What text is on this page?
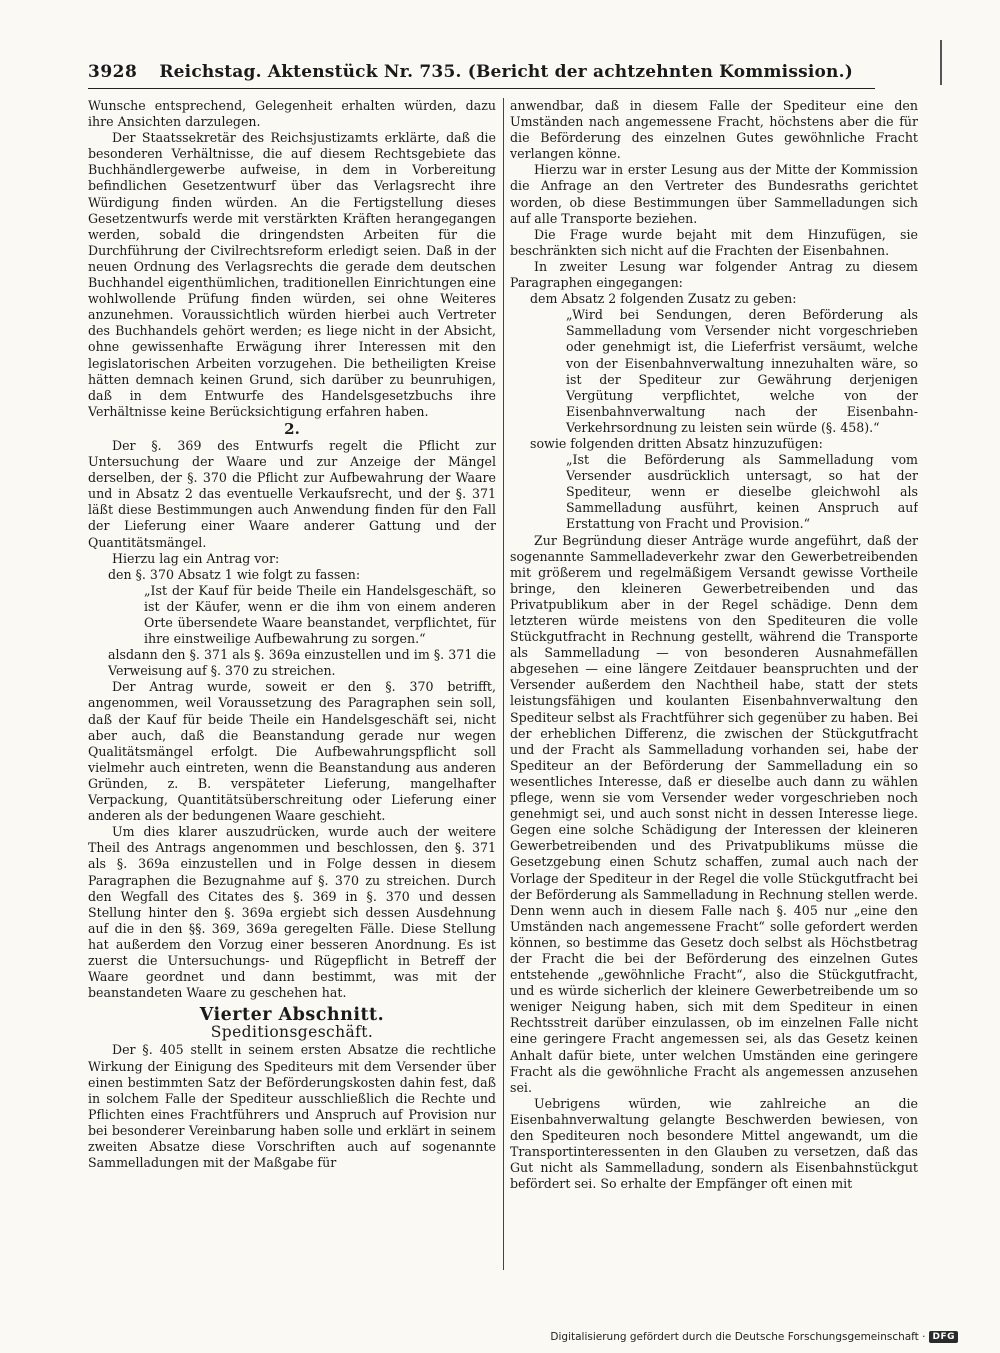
3928	Reichstag. Aktenstück Nr. 735. (Bericht der achtzehnten Kommission.)

Wunsche entsprechend, Gelegenheit erhalten würden, dazu ihre Ansichten darzulegen.

Der Staatssekretär des Reichsjustizamts erklärte, daß die besonderen Verhältnisse, die auf diesem Rechtsgebiete das Buchhändlergewerbe aufweise, in dem in Vorbereitung befindlichen Gesetzentwurf über das Verlagsrecht ihre Würdigung finden würden. An die Fertigstellung dieses Gesetzentwurfs werde mit verstärkten Kräften herangegangen werden, sobald die dringendsten Arbeiten für die Durchführung der Civilrechtsreform erledigt seien. Daß in der neuen Ordnung des Verlagsrechts die gerade dem deutschen Buchhandel eigenthümlichen, traditionellen Einrichtungen eine wohlwollende Prüfung finden würden, sei ohne Weiteres anzunehmen. Voraussichtlich würden hierbei auch Vertreter des Buchhandels gehört werden; es liege nicht in der Absicht, ohne gewissenhafte Erwägung ihrer Interessen mit den legislatorischen Arbeiten vorzugehen. Die betheiligten Kreise hätten demnach keinen Grund, sich darüber zu beunruhigen, daß in dem Entwurfe des Handelsgesetzbuchs ihre Verhältnisse keine Berücksichtigung erfahren haben.

2.

Der §. 369 des Entwurfs regelt die Pflicht zur Untersuchung der Waare und zur Anzeige der Mängel derselben, der §. 370 die Pflicht zur Aufbewahrung der Waare und in Absatz 2 das eventuelle Verkaufsrecht, und der §. 371 läßt diese Bestimmungen auch Anwendung finden für den Fall der Lieferung einer Waare anderer Gattung und der Quantitätsmängel.

Hierzu lag ein Antrag vor:

den §. 370 Absatz 1 wie folgt zu fassen:

„Ist der Kauf für beide Theile ein Handelsgeschäft, so ist der Käufer, wenn er die ihm von einem anderen Orte übersendete Waare beanstandet, verpflichtet, für ihre einstweilige Aufbewahrung zu sorgen.“

alsdann den §. 371 als §. 369a einzustellen und im §. 371 die Verweisung auf §. 370 zu streichen.

Der Antrag wurde, soweit er den §. 370 betrifft, angenommen, weil Voraussetzung des Paragraphen sein soll, daß der Kauf für beide Theile ein Handelsgeschäft sei, nicht aber auch, daß die Beanstandung gerade nur wegen Qualitätsmängel erfolgt. Die Aufbewahrungspflicht soll vielmehr auch eintreten, wenn die Beanstandung aus anderen Gründen, z. B. verspäteter Lieferung, mangelhafter Verpackung, Quantitätsüberschreitung oder Lieferung einer anderen als der bedungenen Waare geschieht.

Um dies klarer auszudrücken, wurde auch der weitere Theil des Antrags angenommen und beschlossen, den §. 371 als §. 369a einzustellen und in Folge dessen in diesem Paragraphen die Bezugnahme auf §. 370 zu streichen. Durch den Wegfall des Citates des §. 369 in §. 370 und dessen Stellung hinter den §. 369a ergiebt sich dessen Ausdehnung auf die in den §§. 369, 369a geregelten Fälle. Diese Stellung hat außerdem den Vorzug einer besseren Anordnung. Es ist zuerst die Untersuchungs- und Rügepflicht in Betreff der Waare geordnet und dann bestimmt, was mit der beanstandeten Waare zu geschehen hat.

Vierter Abschnitt.

Speditionsgeschäft.

Der §. 405 stellt in seinem ersten Absatze die rechtliche Wirkung der Einigung des Spediteurs mit dem Versender über einen bestimmten Satz der Beförderungskosten dahin fest, daß in solchem Falle der Spediteur ausschließlich die Rechte und Pflichten eines Frachtführers und Anspruch auf Provision nur bei besonderer Vereinbarung haben solle und erklärt in seinem zweiten Absatze diese Vorschriften auch auf sogenannte Sammelladungen mit der Maßgabe für

anwendbar, daß in diesem Falle der Spediteur eine den Umständen nach angemessene Fracht, höchstens aber die für die Beförderung des einzelnen Gutes gewöhnliche Fracht verlangen könne.

Hierzu war in erster Lesung aus der Mitte der Kommission die Anfrage an den Vertreter des Bundesraths gerichtet worden, ob diese Bestimmungen über Sammelladungen sich auf alle Transporte beziehen.

Die Frage wurde bejaht mit dem Hinzufügen, sie beschränkten sich nicht auf die Frachten der Eisenbahnen.

In zweiter Lesung war folgender Antrag zu diesem Paragraphen eingegangen:

dem Absatz 2 folgenden Zusatz zu geben:

„Wird bei Sendungen, deren Beförderung als Sammelladung vom Versender nicht vorgeschrieben oder genehmigt ist, die Lieferfrist versäumt, welche von der Eisenbahnverwaltung innezuhalten wäre, so ist der Spediteur zur Gewährung derjenigen Vergütung verpflichtet, welche von der Eisenbahnverwaltung nach der Eisenbahn-Verkehrsordnung zu leisten sein würde (§. 458).“

sowie folgenden dritten Absatz hinzuzufügen:

„Ist die Beförderung als Sammelladung vom Versender ausdrücklich untersagt, so hat der Spediteur, wenn er dieselbe gleichwohl als Sammelladung ausführt, keinen Anspruch auf Erstattung von Fracht und Provision.“

Zur Begründung dieser Anträge wurde angeführt, daß der sogenannte Sammelladeverkehr zwar den Gewerbetreibenden mit größerem und regelmäßigem Versandt gewisse Vortheile bringe, den kleineren Gewerbetreibenden und das Privatpublikum aber in der Regel schädige. Denn dem letzteren würde meistens von den Spediteuren die volle Stückgutfracht in Rechnung gestellt, während die Transporte als Sammelladung — von besonderen Ausnahmefällen abgesehen — eine längere Zeitdauer beanspruchten und der Versender außerdem den Nachtheil habe, statt der stets leistungsfähigen und koulanten Eisenbahnverwaltung den Spediteur selbst als Frachtführer sich gegenüber zu haben. Bei der erheblichen Differenz, die zwischen der Stückgutfracht und der Fracht als Sammelladung vorhanden sei, habe der Spediteur an der Beförderung der Sammelladung ein so wesentliches Interesse, daß er dieselbe auch dann zu wählen pflege, wenn sie vom Versender weder vorgeschrieben noch genehmigt sei, und auch sonst nicht in dessen Interesse liege. Gegen eine solche Schädigung der Interessen der kleineren Gewerbetreibenden und des Privatpublikums müsse die Gesetzgebung einen Schutz schaffen, zumal auch nach der Vorlage der Spediteur in der Regel die volle Stückgutfracht bei der Beförderung als Sammelladung in Rechnung stellen werde. Denn wenn auch in diesem Falle nach §. 405 nur „eine den Umständen nach angemessene Fracht“ solle gefordert werden können, so bestimme das Gesetz doch selbst als Höchstbetrag der Fracht die bei der Beförderung des einzelnen Gutes entstehende „gewöhnliche Fracht“, also die Stückgutfracht, und es würde sicherlich der kleinere Gewerbetreibende um so weniger Neigung haben, sich mit dem Spediteur in einen Rechtsstreit darüber einzulassen, ob im einzelnen Falle nicht eine geringere Fracht angemessen sei, als das Gesetz keinen Anhalt dafür biete, unter welchen Umständen eine geringere Fracht als die gewöhnliche Fracht als angemessen anzusehen sei.

Uebrigens würden, wie zahlreiche an die Eisenbahnverwaltung gelangte Beschwerden bewiesen, von den Spediteuren noch besondere Mittel angewandt, um die Transportinteressenten in den Glauben zu versetzen, daß das Gut nicht als Sammelladung, sondern als Eisenbahnstückgut befördert sei. So erhalte der Empfänger oft einen mit

Digitalisierung gefördert durch die Deutsche Forschungsgemeinschaft · DFG
